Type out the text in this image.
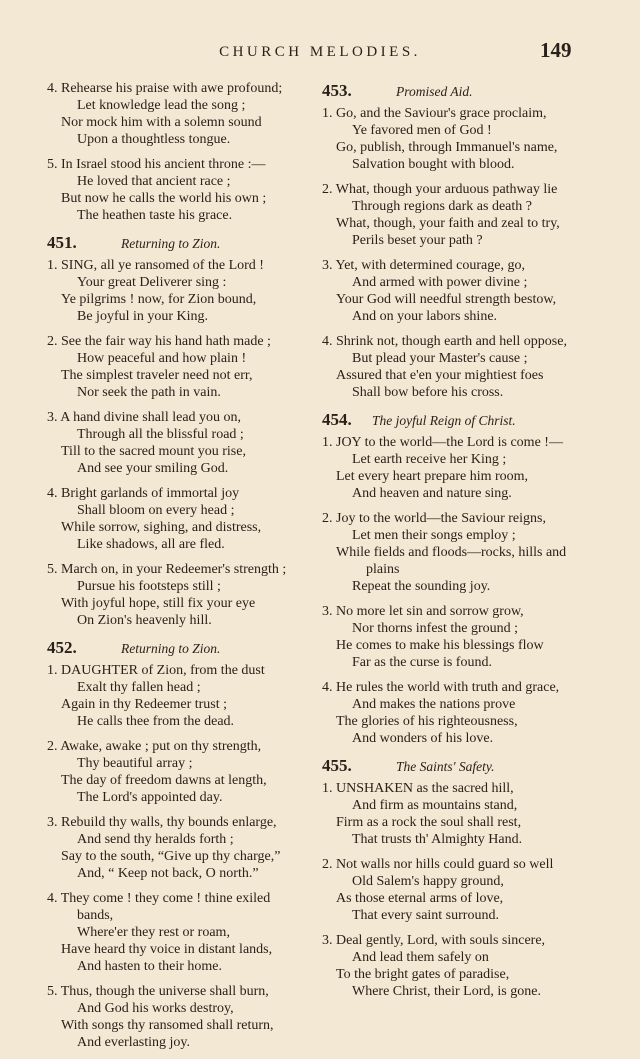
CHURCH MELODIES.	149
4. Rehearse his praise with awe profound;
Let knowledge lead the song ;
Nor mock him with a solemn sound
Upon a thoughtless tongue.
5. In Israel stood his ancient throne :—
He loved that ancient race ;
But now he calls the world his own ;
The heathen taste his grace.
451.	Returning to Zion.
1. SING, all ye ransomed of the Lord !
Your great Deliverer sing :
Ye pilgrims ! now, for Zion bound,
Be joyful in your King.
2. See the fair way his hand hath made ;
How peaceful and how plain !
The simplest traveler need not err,
Nor seek the path in vain.
3. A hand divine shall lead you on,
Through all the blissful road ;
Till to the sacred mount you rise,
And see your smiling God.
4. Bright garlands of immortal joy
Shall bloom on every head ;
While sorrow, sighing, and distress,
Like shadows, all are fled.
5. March on, in your Redeemer's strength ;
Pursue his footsteps still ;
With joyful hope, still fix your eye
On Zion's heavenly hill.
452.	Returning to Zion.
1. DAUGHTER of Zion, from the dust
Exalt thy fallen head ;
Again in thy Redeemer trust ;
He calls thee from the dead.
2. Awake, awake ; put on thy strength,
Thy beautiful array ;
The day of freedom dawns at length,
The Lord's appointed day.
3. Rebuild thy walls, thy bounds enlarge,
And send thy heralds forth ;
Say to the south, “Give up thy charge,”
And, “ Keep not back, O north.”
4. They come ! they come ! thine exiled
bands,
Where'er they rest or roam,
Have heard thy voice in distant lands,
And hasten to their home.
5. Thus, though the universe shall burn,
And God his works destroy,
With songs thy ransomed shall return,
And everlasting joy.
453.	Promised Aid.
1. Go, and the Saviour's grace proclaim,
Ye favored men of God !
Go, publish, through Immanuel's name,
Salvation bought with blood.
2. What, though your arduous pathway lie
Through regions dark as death ?
What, though, your faith and zeal to try,
Perils beset your path ?
3. Yet, with determined courage, go,
And armed with power divine ;
Your God will needful strength bestow,
And on your labors shine.
4. Shrink not, though earth and hell oppose,
But plead your Master's cause ;
Assured that e'en your mightiest foes
Shall bow before his cross.
454. The joyful Reign of Christ.
1. JOY to the world—the Lord is come !—
Let earth receive her King ;
Let every heart prepare him room,
And heaven and nature sing.
2. Joy to the world—the Saviour reigns,
Let men their songs employ ;
While fields and floods—rocks, hills and
plains
Repeat the sounding joy.
3. No more let sin and sorrow grow,
Nor thorns infest the ground ;
He comes to make his blessings flow
Far as the curse is found.
4. He rules the world with truth and grace,
And makes the nations prove
The glories of his righteousness,
And wonders of his love.
455.	The Saints' Safety.
1. UNSHAKEN as the sacred hill,
And firm as mountains stand,
Firm as a rock the soul shall rest,
That trusts th' Almighty Hand.
2. Not walls nor hills could guard so well
Old Salem's happy ground,
As those eternal arms of love,
That every saint surround.
3. Deal gently, Lord, with souls sincere,
And lead them safely on
To the bright gates of paradise,
Where Christ, their Lord, is gone.
